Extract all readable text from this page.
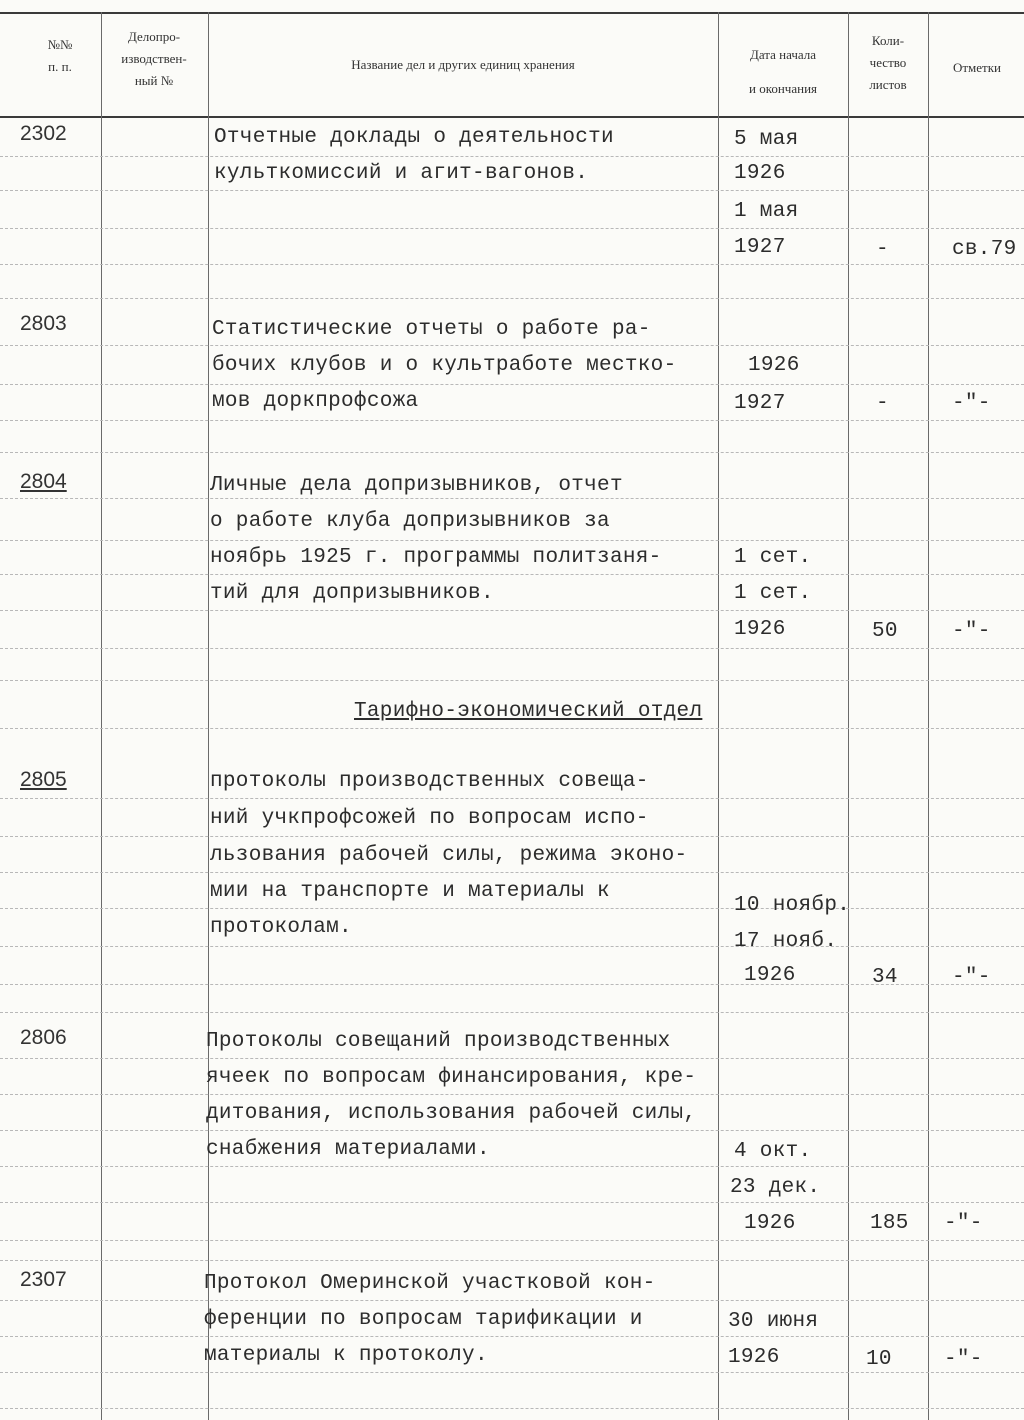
№№
п. п.
Делопро-
изводствен-
ный №
Название дел и других единиц хранения
Дата начала
и окончания
Коли-
чество
листов
Отметки
2302	Отчетные доклады о деятельности
культкомиссий и агит-вагонов.
5 мая
1926
1 мая
1927	-	св.79
2803	Статистические отчеты о работе ра-
бочих клубов и о культработе местко-
мов доркпрофсожа
1926
1927	-	-"-
2804	Личные дела допризывников, отчет
о работе клуба допризывников за
ноябрь 1925 г. программы политзаня-
тий для допризывников.
1 сет.
1 сет.
1926	50	-"-
Тарифно-экономический отдел
2805	протоколы производственных совеща-
ний учкпрофсожей по вопросам испо-
льзования рабочей силы, режима эконо-
мии на транспорте и материалы к
протоколам.
10 ноябр.
17 нояб.
1926	34	-"-
2806	Протоколы совещаний производственных
ячеек по вопросам финансирования, кре-
дитования, использования рабочей силы,
снабжения материалами.	4 окт.
23 дек.
1926	185 -"-
2307	Протокол Омеринской участковой кон-
ференции по вопросам тарификации и
материалы к протоколу.
30 июня
1926	10 -"-
